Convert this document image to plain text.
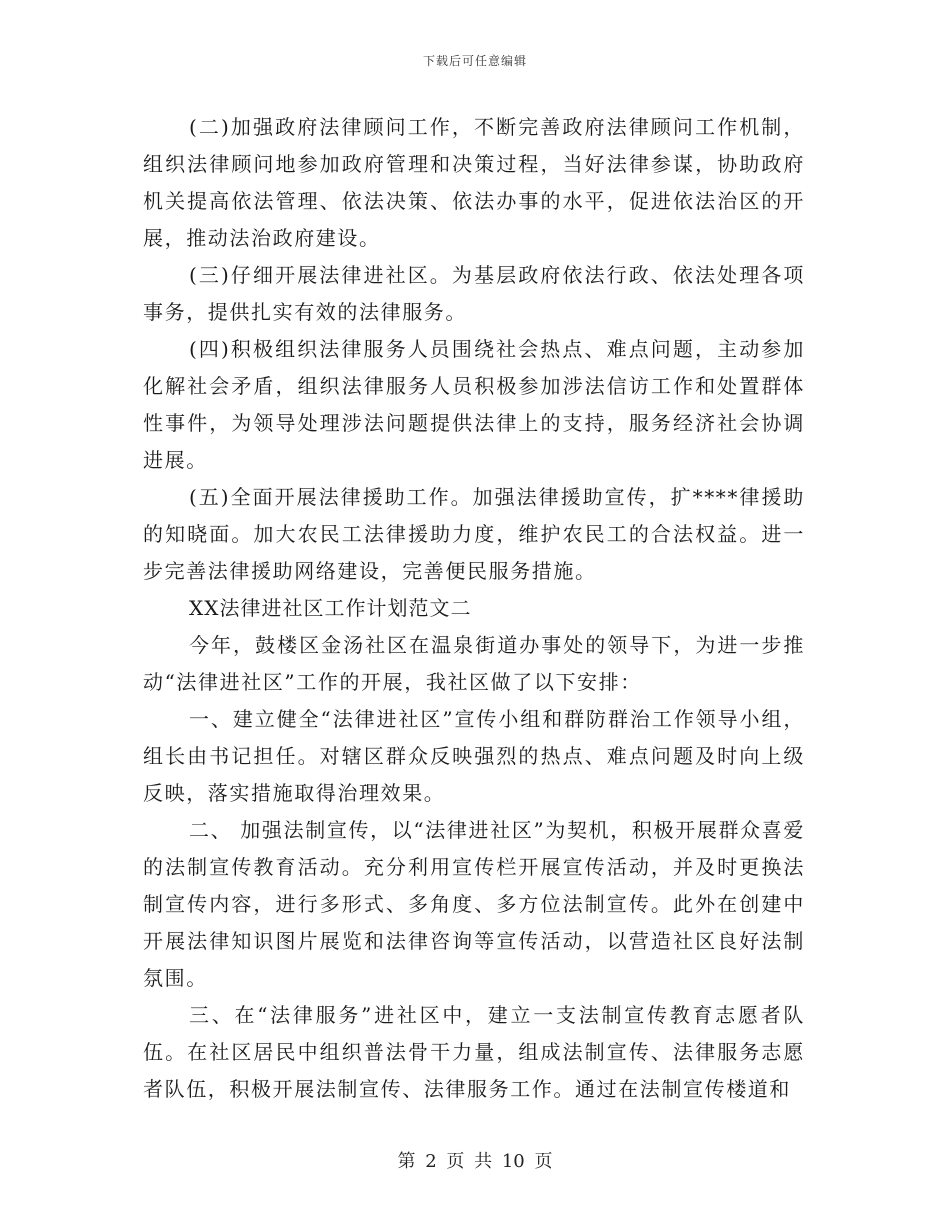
下载后可任意编辑

(二)加强政府法律顾问工作，不断完善政府法律顾问工作机制，组织法律顾问地参加政府管理和决策过程，当好法律参谋，协助政府机关提高依法管理、依法决策、依法办事的水平，促进依法治区的开展，推动法治政府建设。

(三)仔细开展法律进社区。为基层政府依法行政、依法处理各项事务，提供扎实有效的法律服务。

(四)积极组织法律服务人员围绕社会热点、难点问题，主动参加化解社会矛盾，组织法律服务人员积极参加涉法信访工作和处置群体性事件，为领导处理涉法问题提供法律上的支持，服务经济社会协调进展。

(五)全面开展法律援助工作。加强法律援助宣传，扩****律援助的知晓面。加大农民工法律援助力度，维护农民工的合法权益。进一步完善法律援助网络建设，完善便民服务措施。

XX法律进社区工作计划范文二

今年，鼓楼区金汤社区在温泉街道办事处的领导下，为进一步推动“法律进社区”工作的开展，我社区做了以下安排：

一、建立健全“法律进社区”宣传小组和群防群治工作领导小组，组长由书记担任。对辖区群众反映强烈的热点、难点问题及时向上级反映，落实措施取得治理效果。

二、 加强法制宣传，以“法律进社区”为契机，积极开展群众喜爱的法制宣传教育活动。充分利用宣传栏开展宣传活动，并及时更换法制宣传内容，进行多形式、多角度、多方位法制宣传。此外在创建中开展法律知识图片展览和法律咨询等宣传活动，以营造社区良好法制氛围。

三、在“法律服务”进社区中，建立一支法制宣传教育志愿者队伍。在社区居民中组织普法骨干力量，组成法制宣传、法律服务志愿者队伍，积极开展法制宣传、法律服务工作。通过在法制宣传楼道和

第 2 页 共 10 页
